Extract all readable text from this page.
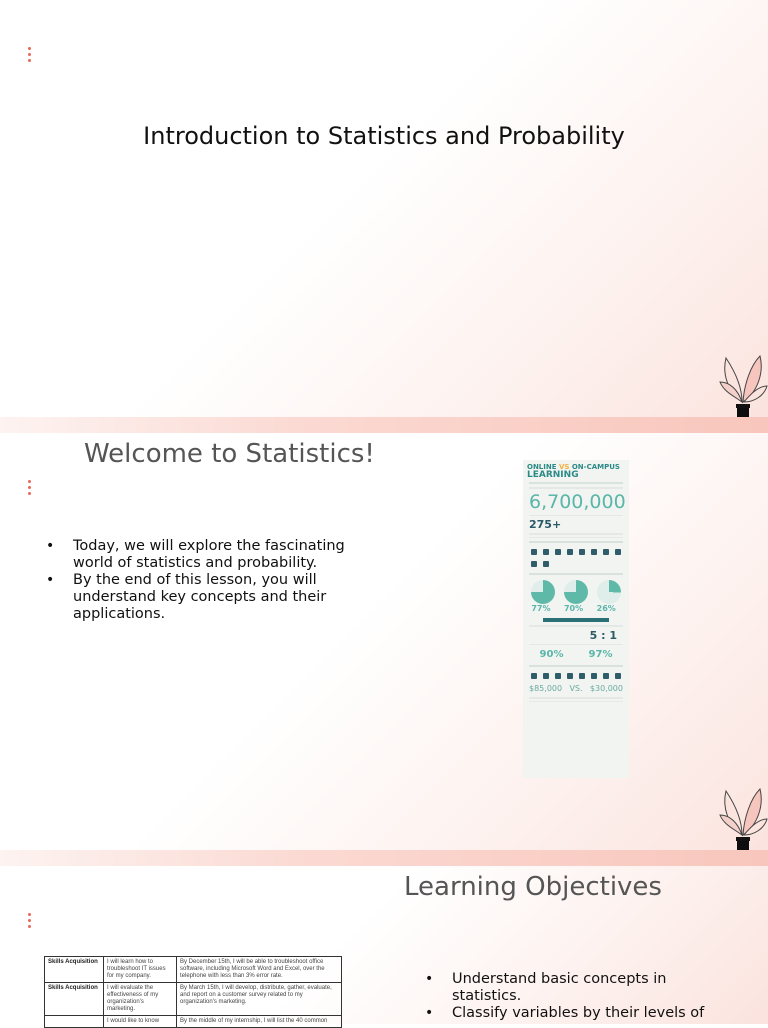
Introduction to Statistics and Probability
Welcome to Statistics!
• Today, we will explore the fascinating world of statistics and probability.
• By the end of this lesson, you will understand key concepts and their applications.
ONLINE VS ON-CAMPUS
LEARNING
6,700,000
275+
77%	70%	26%
5 : 1
90%	97%
$85,000 VS. $30,000
Learning Objectives
• Understand basic concepts in statistics.
• Classify variables by their levels of
Skills Acquisition	I will learn how to troubleshoot IT issues for my company.	By December 15th, I will be able to troubleshoot office software, including Microsoft Word and Excel, over the telephone with less than 3% error rate.
Skills Acquisition	I will evaluate the effectiveness of my organization's marketing.	By March 15th, I will develop, distribute, gather, evaluate, and report on a customer survey related to my organization's marketing.
	I would like to know	By the middle of my internship, I will list the 40 common
